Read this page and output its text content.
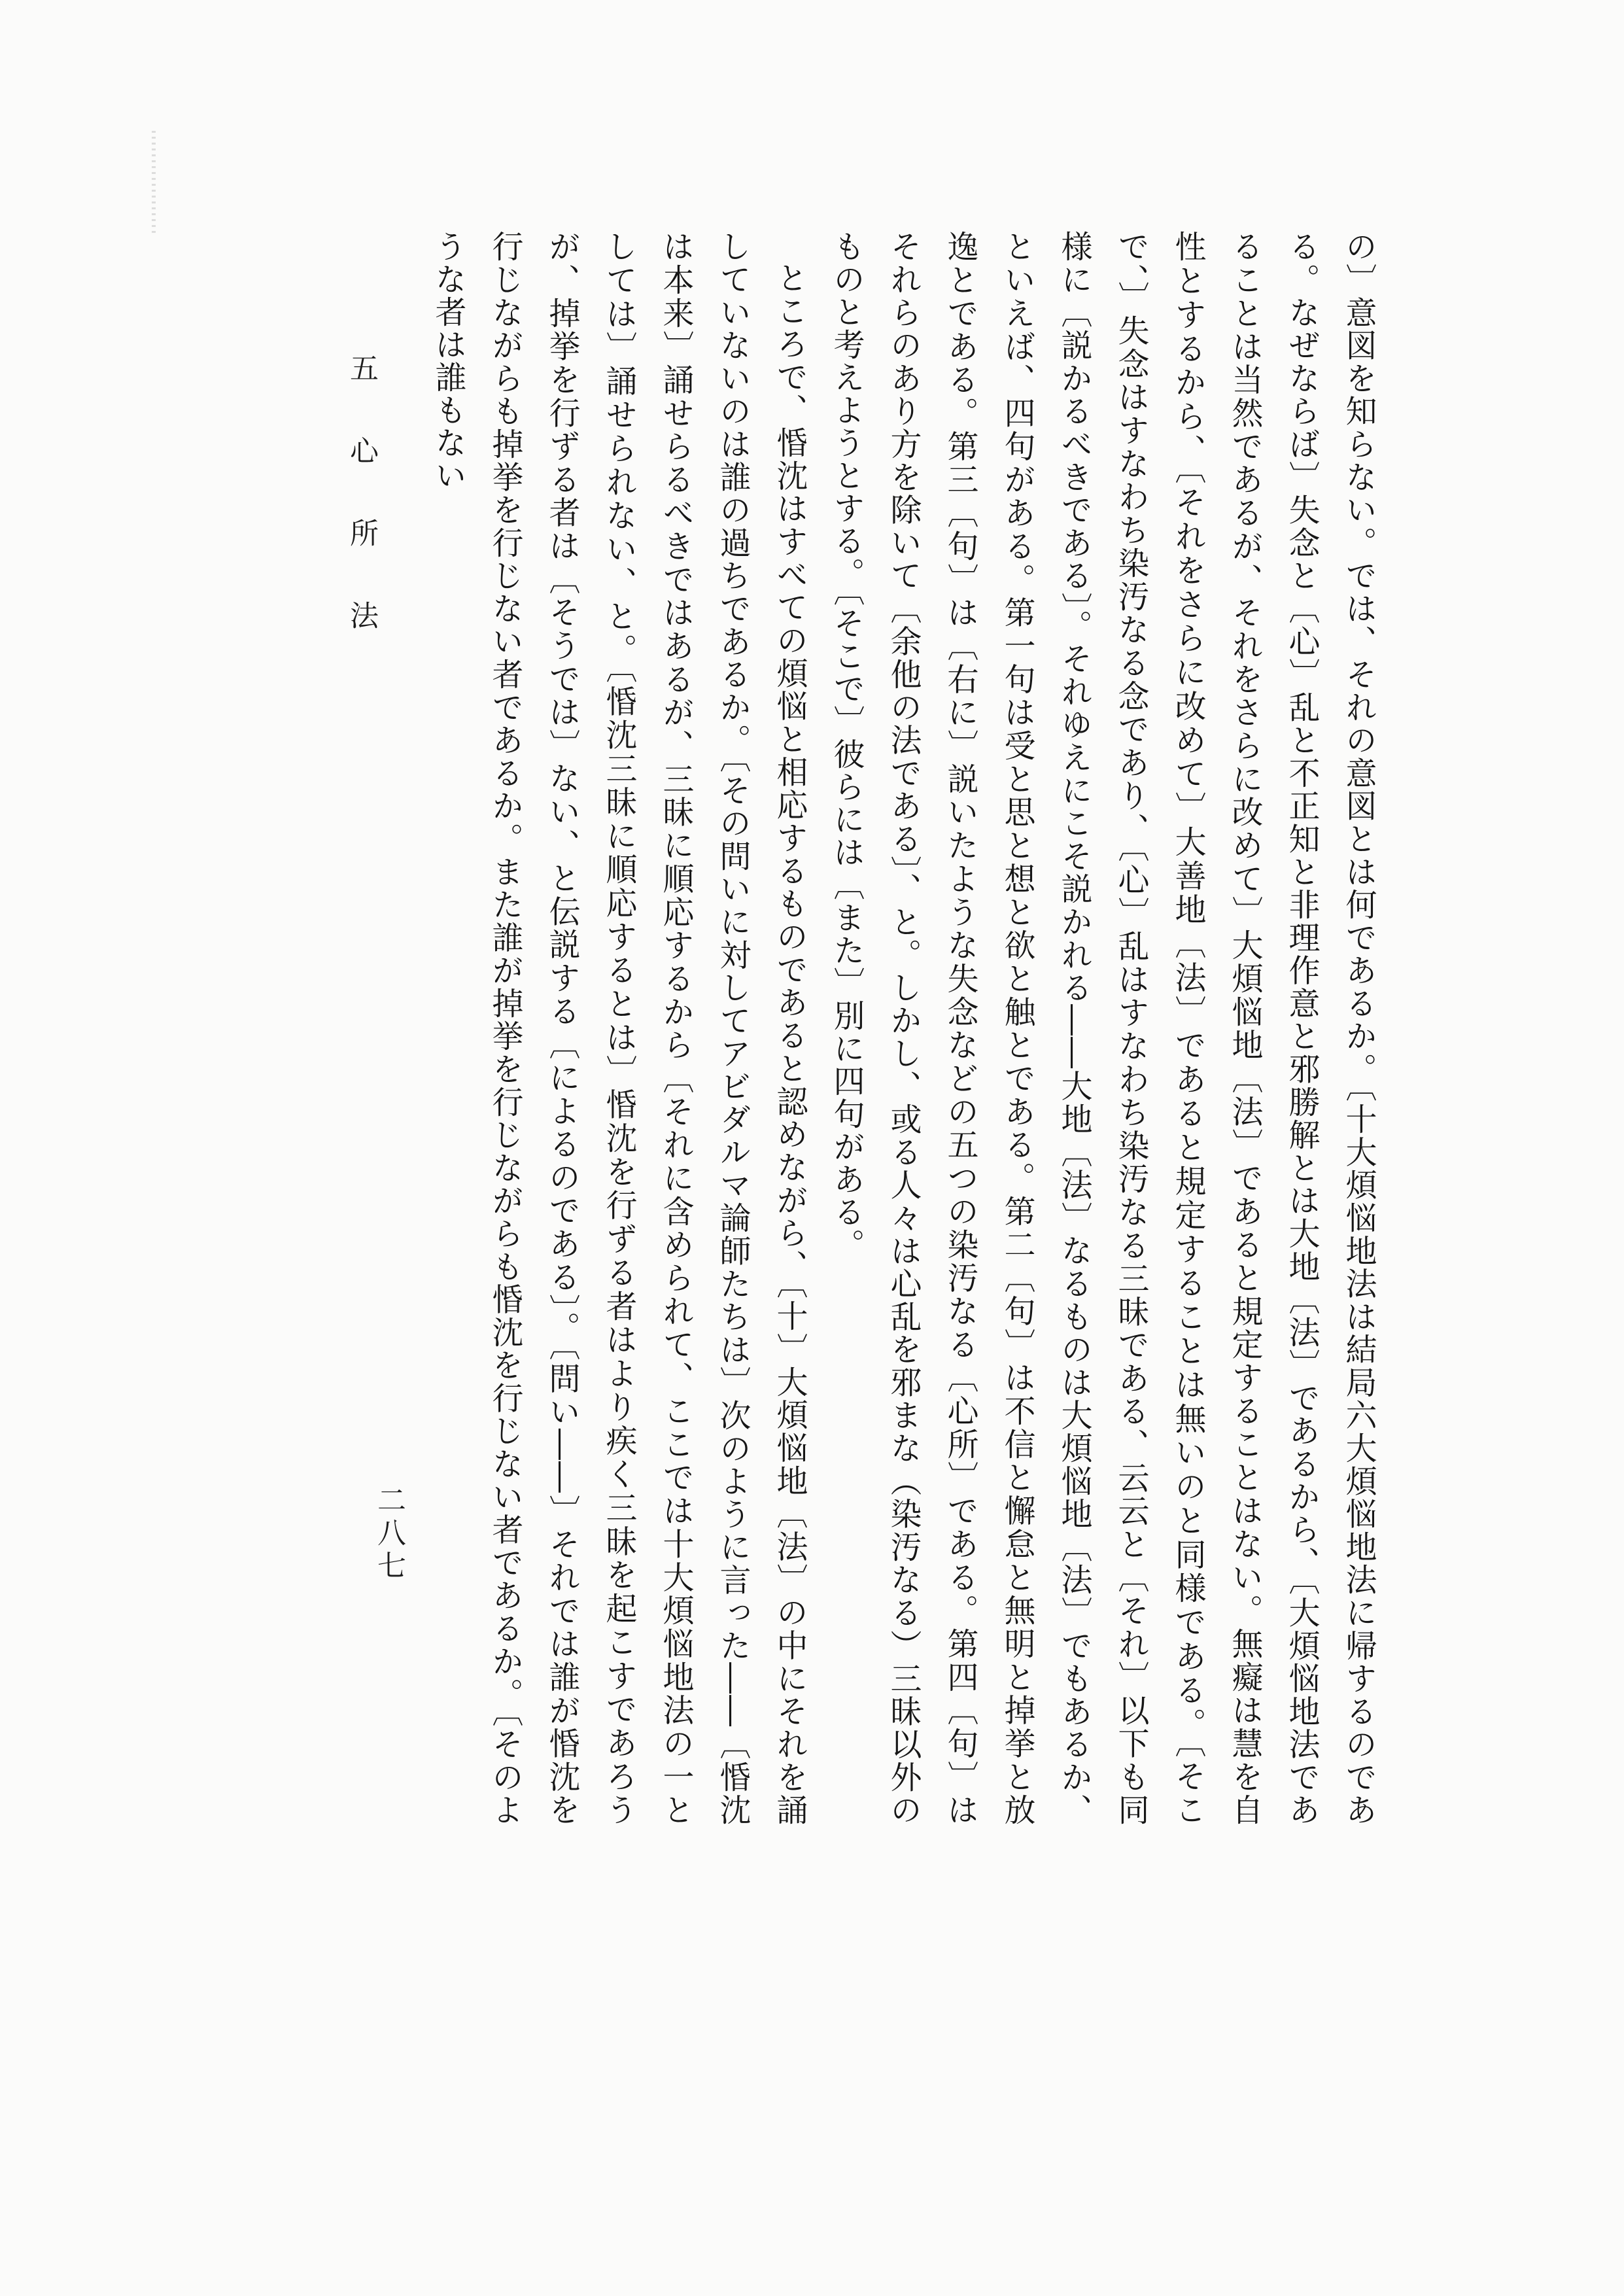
の〕意図を知らない。では、それの意図とは何であるか。〔十大煩悩地法は結局六大煩悩地法に帰するのである。なぜならば〕失念と〔心〕乱と不正知と非理作意と邪勝解とは大地〔法〕であるから、〔大煩悩地法であることは当然であるが、それをさらに改めて〕大煩悩地〔法〕であると規定することはない。無癡は慧を自性とするから、〔それをさらに改めて〕大善地〔法〕であると規定することは無いのと同様である。〔そこで、〕失念はすなわち染汚なる念であり、〔心〕乱はすなわち染汚なる三昧である、云云と〔それ〕以下も同様に〔説かるべきである〕。それゆえにこそ説かれる――大地〔法〕なるものは大煩悩地〔法〕でもあるか、といえば、四句がある。第一句は受と思と想と欲と触とである。第二〔句〕は不信と懈怠と無明と掉挙と放逸とである。第三〔句〕は〔右に〕説いたような失念などの五つの染汚なる〔心所〕である。第四〔句〕はそれらのあり方を除いて〔余他の法である〕、と。しかし、或る人々は心乱を邪まな（染汚なる）三昧以外のものと考えようとする。〔そこで〕彼らには〔また〕別に四句がある。

ところで、惛沈はすべての煩悩と相応するものであると認めながら、〔十〕大煩悩地〔法〕の中にそれを誦していないのは誰の過ちであるか。〔その問いに対してアビダルマ論師たちは〕次のように言った――〔惛沈は本来〕誦せらるべきではあるが、三昧に順応するから〔それに含められて、ここでは十大煩悩地法の一としては〕誦せられない、と。〔惛沈三昧に順応するとは〕惛沈を行ずる者はより疾く三昧を起こすであろうが、掉挙を行ずる者は〔そうでは〕ない、と伝説する〔によるのである〕。〔問い――〕それでは誰が惛沈を行じながらも掉挙を行じない者であるか。また誰が掉挙を行じながらも惛沈を行じない者であるか。〔そのような者は誰もない

五 心 所 法
二八七
